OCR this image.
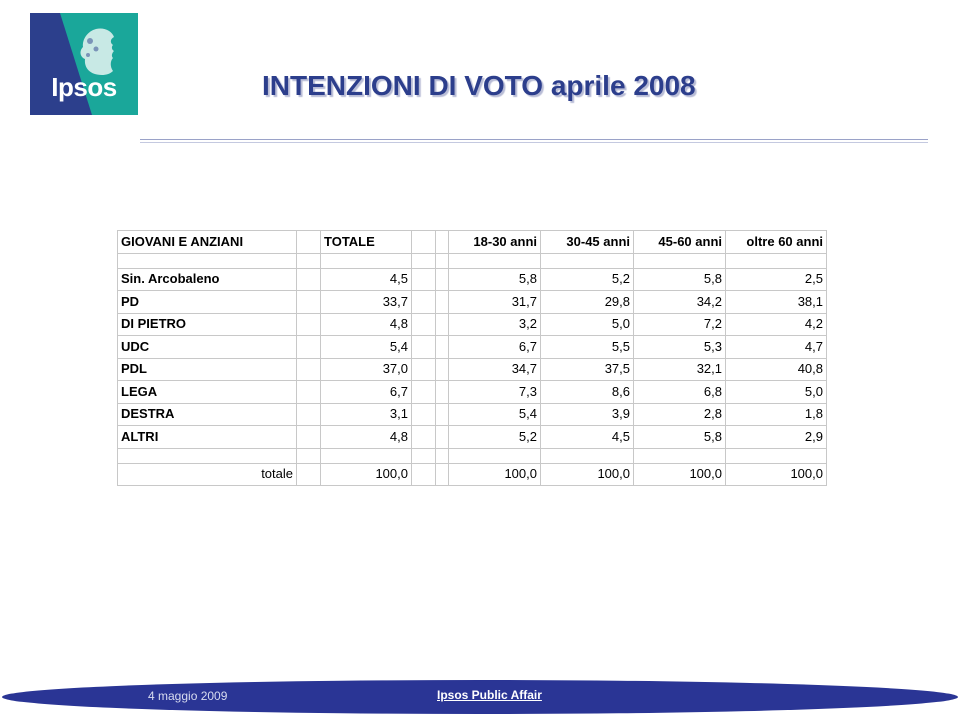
Ipsos	INTENZIONI DI VOTO aprile 2008
GIOVANI E ANZIANI		TOTALE			18-30 anni	30-45 anni	45-60 anni	oltre 60 anni

Sin. Arcobaleno		4,5			5,8	5,2	5,8	2,5
PD		33,7			31,7	29,8	34,2	38,1
DI PIETRO		4,8			3,2	5,0	7,2	4,2
UDC		5,4			6,7	5,5	5,3	4,7
PDL		37,0			34,7	37,5	32,1	40,8
LEGA		6,7			7,3	8,6	6,8	5,0
DESTRA		3,1			5,4	3,9	2,8	1,8
ALTRI		4,8			5,2	4,5	5,8	2,9

totale		100,0			100,0	100,0	100,0	100,0
4 maggio 2009	Ipsos Public Affair
